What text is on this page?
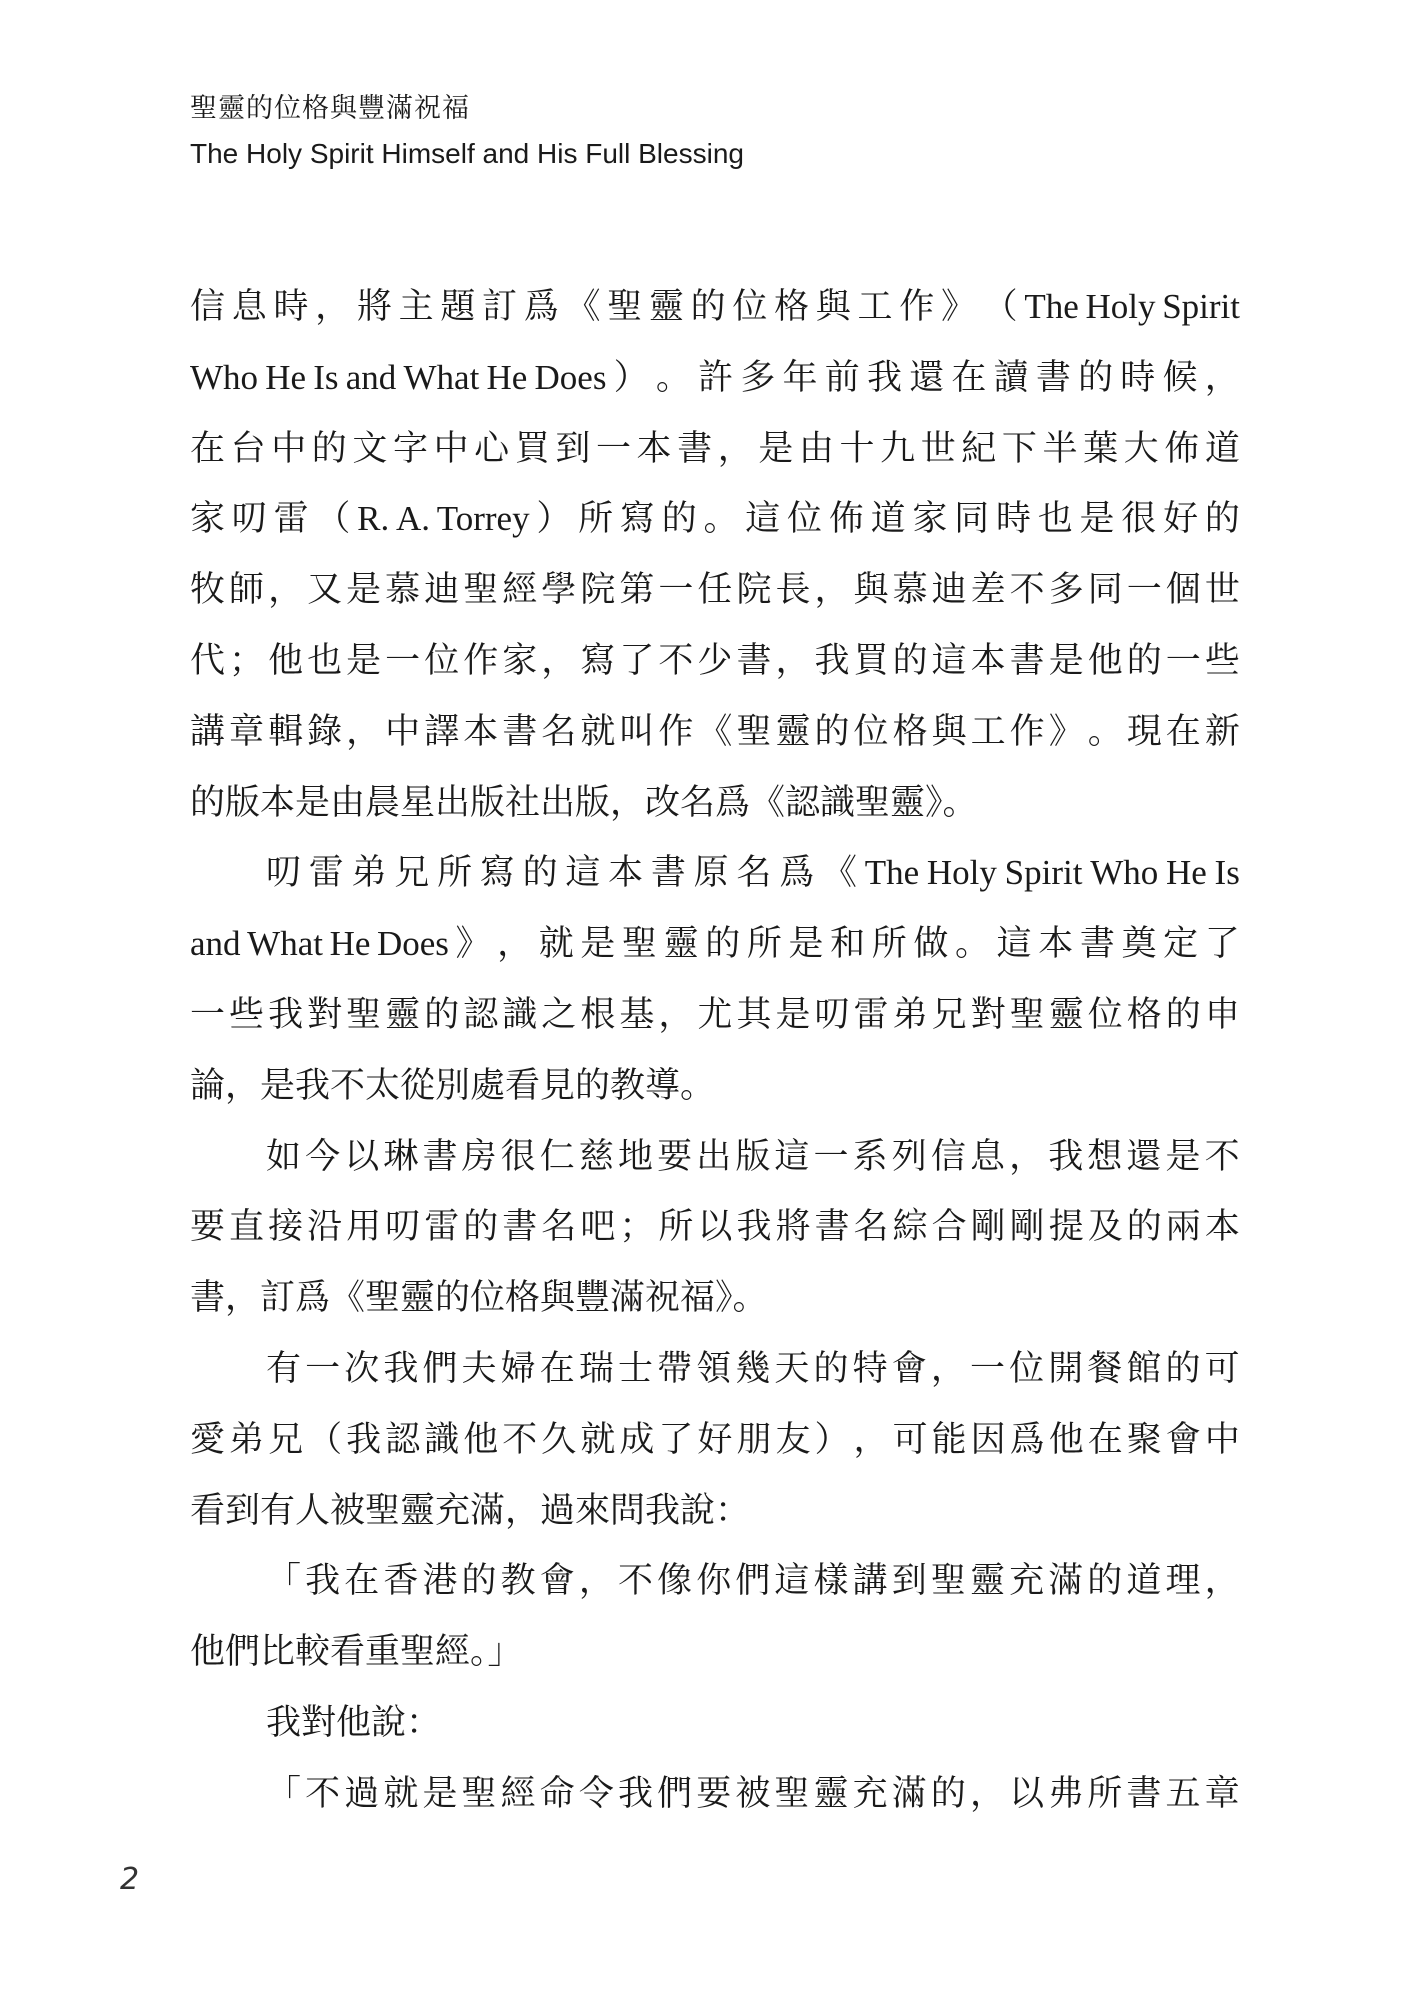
聖靈的位格與豐滿祝福
The Holy Spirit Himself and His Full Blessing
信 息 時 ， 將 主 題 訂 爲 《 聖 靈 的 位 格 與 工 作 》 （ The Holy Spirit
Who He Is and What He Does ） 。 許 多 年 前 我 還 在 讀 書 的 時 候 ，
在 台 中 的 文 字 中 心 買 到 一 本 書 ， 是 由 十 九 世 紀 下 半 葉 大 佈 道
家 叨 雷 （ R. A. Torrey ） 所 寫 的 。 這 位 佈 道 家 同 時 也 是 很 好 的
牧 師 ， 又 是 慕 迪 聖 經 學 院 第 一 任 院 長 ， 與 慕 迪 差 不 多 同 一 個 世
代 ； 他 也 是 一 位 作 家 ， 寫 了 不 少 書 ， 我 買 的 這 本 書 是 他 的 一 些
講 章 輯 錄 ， 中 譯 本 書 名 就 叫 作 《 聖 靈 的 位 格 與 工 作 》 。 現 在 新
的版本是由晨星出版社出版，改名爲《認識聖靈》。
叨 雷 弟 兄 所 寫 的 這 本 書 原 名 爲 《 The Holy Spirit Who He Is
and What He Does 》 ， 就 是 聖 靈 的 所 是 和 所 做 。 這 本 書 奠 定 了
一 些 我 對 聖 靈 的 認 識 之 根 基 ， 尤 其 是 叨 雷 弟 兄 對 聖 靈 位 格 的 申
論，是我不太從別處看見的教導。
如 今 以 琳 書 房 很 仁 慈 地 要 出 版 這 一 系 列 信 息 ， 我 想 還 是 不
要 直 接 沿 用 叨 雷 的 書 名 吧 ； 所 以 我 將 書 名 綜 合 剛 剛 提 及 的 兩 本
書，訂爲《聖靈的位格與豐滿祝福》。
有 一 次 我 們 夫 婦 在 瑞 士 帶 領 幾 天 的 特 會 ， 一 位 開 餐 館 的 可
愛 弟 兄 （ 我 認 識 他 不 久 就 成 了 好 朋 友 ） ， 可 能 因 爲 他 在 聚 會 中
看到有人被聖靈充滿，過來問我說：
「 我 在 香 港 的 教 會 ， 不 像 你 們 這 樣 講 到 聖 靈 充 滿 的 道 理 ，
他們比較看重聖經。」
我對他說：
「 不 過 就 是 聖 經 命 令 我 們 要 被 聖 靈 充 滿 的 ， 以 弗 所 書 五 章
2
